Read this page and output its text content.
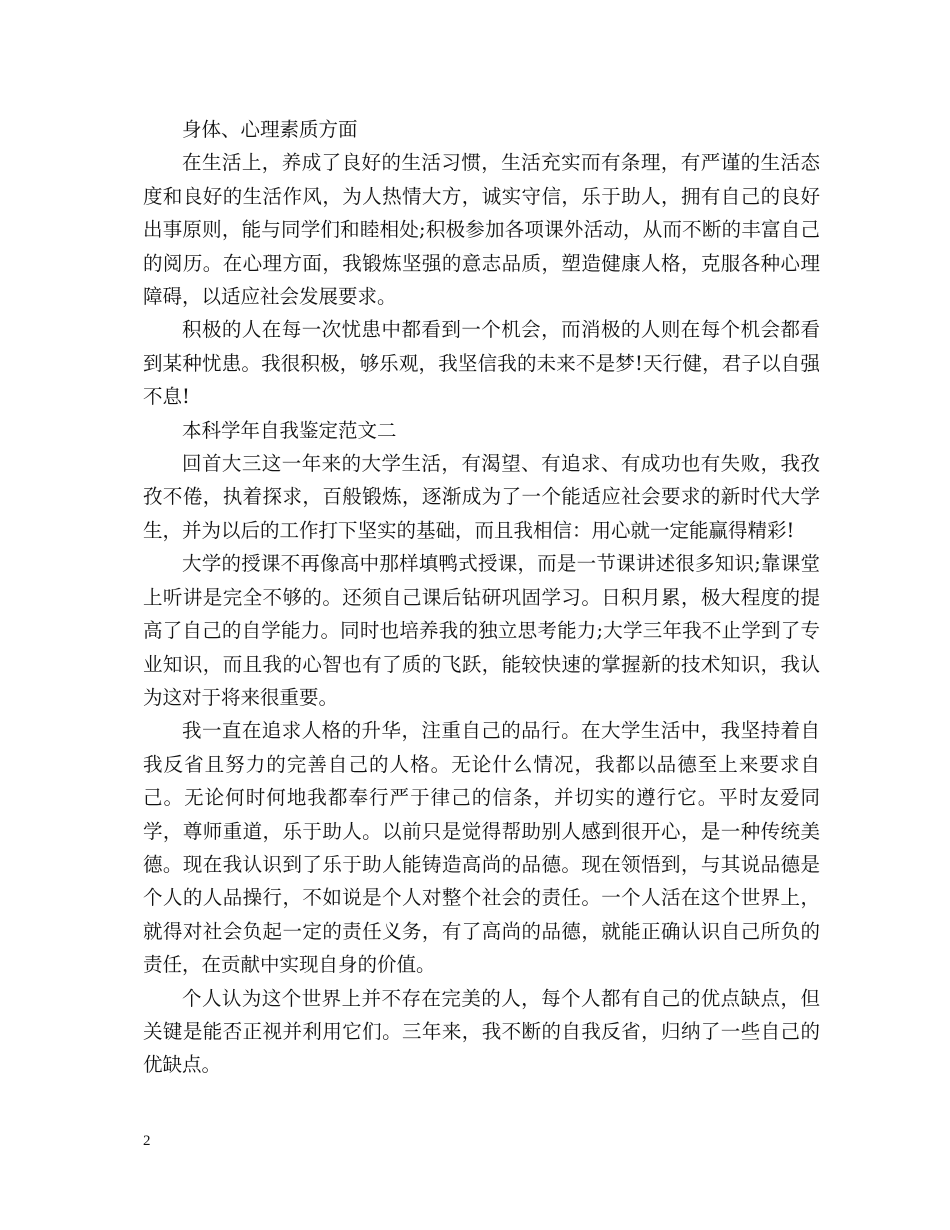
身体、心理素质方面

在生活上，养成了良好的生活习惯，生活充实而有条理，有严谨的生活态度和良好的生活作风，为人热情大方，诚实守信，乐于助人，拥有自己的良好出事原则，能与同学们和睦相处;积极参加各项课外活动，从而不断的丰富自己的阅历。在心理方面，我锻炼坚强的意志品质，塑造健康人格，克服各种心理障碍，以适应社会发展要求。

积极的人在每一次忧患中都看到一个机会，而消极的人则在每个机会都看到某种忧患。我很积极，够乐观，我坚信我的未来不是梦!天行健，君子以自强不息!

本科学年自我鉴定范文二

回首大三这一年来的大学生活，有渴望、有追求、有成功也有失败，我孜孜不倦，执着探求，百般锻炼，逐渐成为了一个能适应社会要求的新时代大学生，并为以后的工作打下坚实的基础，而且我相信：用心就一定能赢得精彩!

大学的授课不再像高中那样填鸭式授课，而是一节课讲述很多知识;靠课堂上听讲是完全不够的。还须自己课后钻研巩固学习。日积月累，极大程度的提高了自己的自学能力。同时也培养我的独立思考能力;大学三年我不止学到了专业知识，而且我的心智也有了质的飞跃，能较快速的掌握新的技术知识，我认为这对于将来很重要。

我一直在追求人格的升华，注重自己的品行。在大学生活中，我坚持着自我反省且努力的完善自己的人格。无论什么情况，我都以品德至上来要求自己。无论何时何地我都奉行严于律己的信条，并切实的遵行它。平时友爱同学，尊师重道，乐于助人。以前只是觉得帮助别人感到很开心，是一种传统美德。现在我认识到了乐于助人能铸造高尚的品德。现在领悟到，与其说品德是个人的人品操行，不如说是个人对整个社会的责任。一个人活在这个世界上，就得对社会负起一定的责任义务，有了高尚的品德，就能正确认识自己所负的责任，在贡献中实现自身的价值。

个人认为这个世界上并不存在完美的人，每个人都有自己的优点缺点，但关键是能否正视并利用它们。三年来，我不断的自我反省，归纳了一些自己的优缺点。

2
